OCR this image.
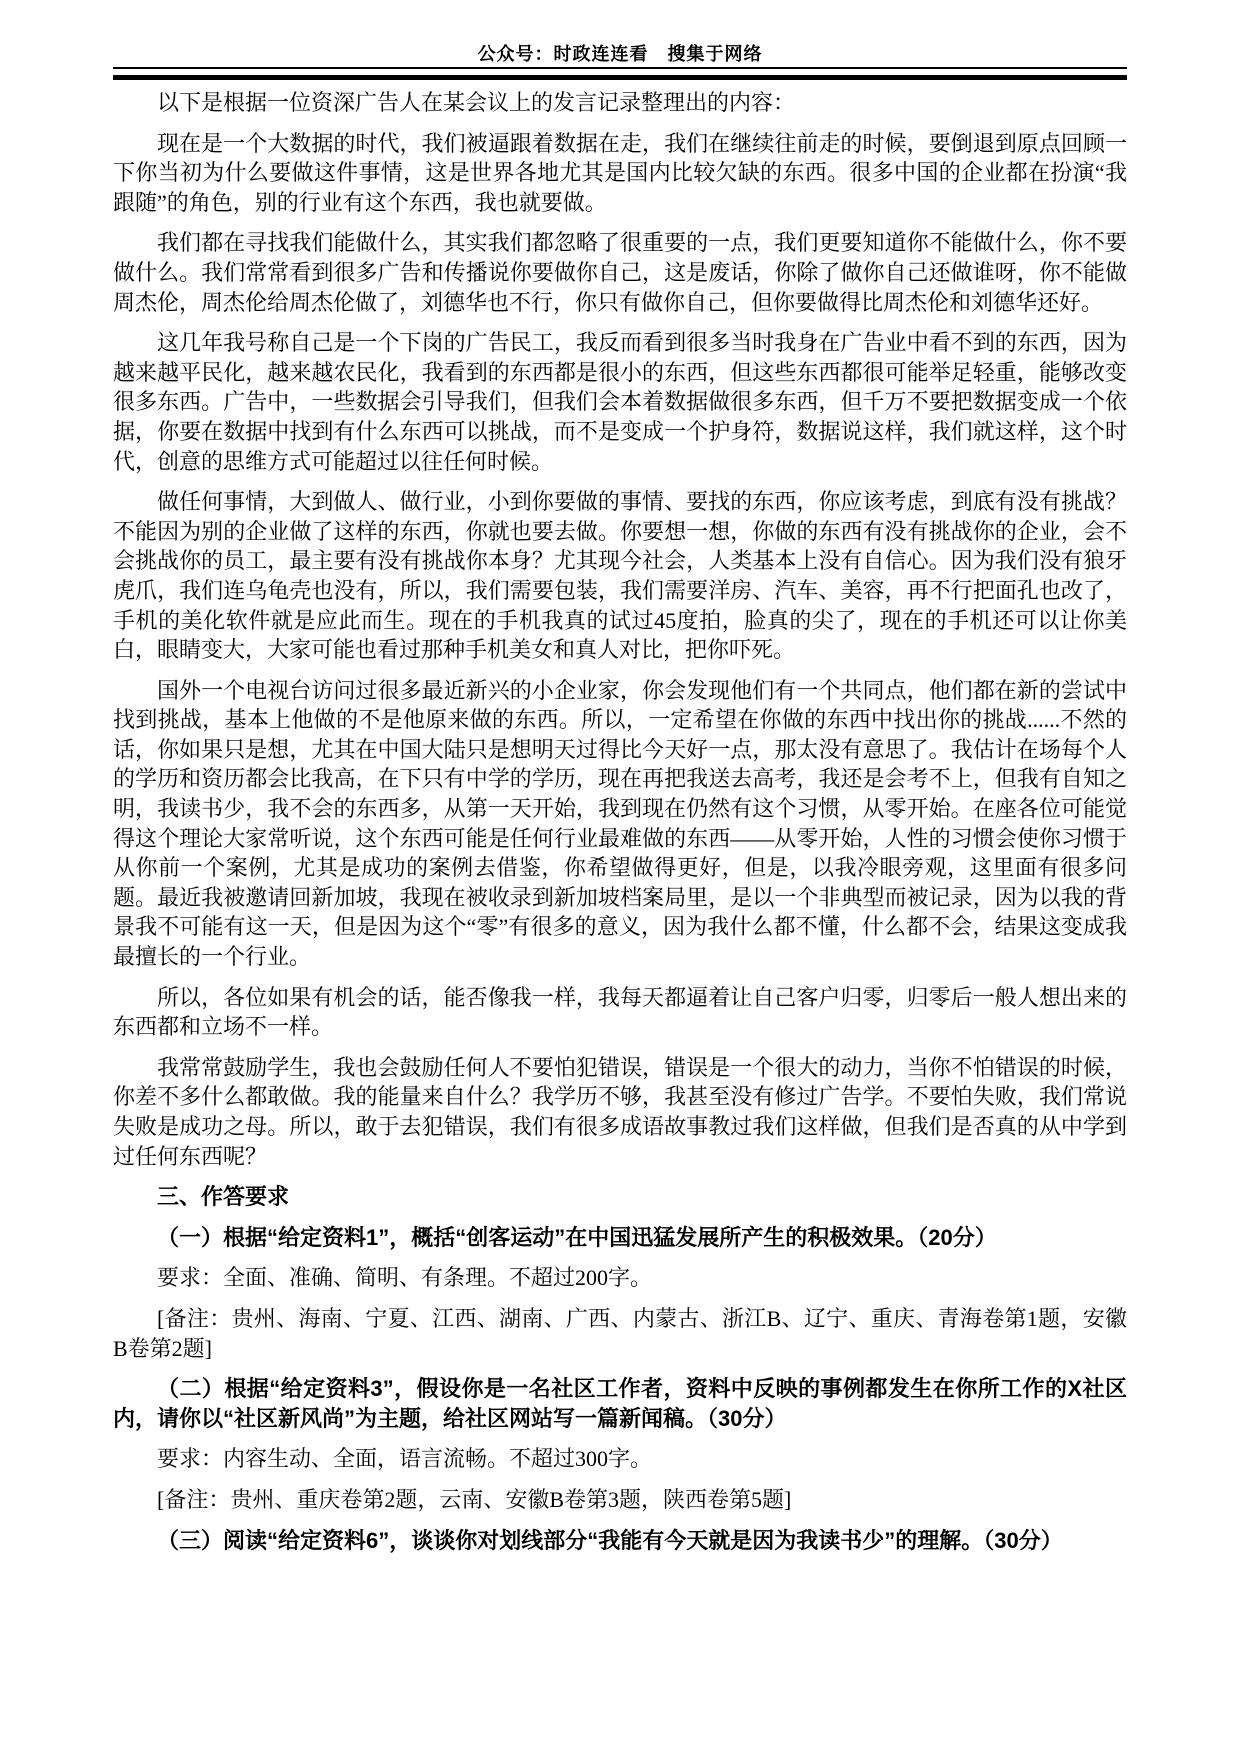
公众号：时政连连看　搜集于网络

以下是根据一位资深广告人在某会议上的发言记录整理出的内容：

现在是一个大数据的时代，我们被逼跟着数据在走，我们在继续往前走的时候，要倒退到原点回顾一下你当初为什么要做这件事情，这是世界各地尤其是国内比较欠缺的东西。很多中国的企业都在扮演“我跟随”的角色，别的行业有这个东西，我也就要做。

我们都在寻找我们能做什么，其实我们都忽略了很重要的一点，我们更要知道你不能做什么，你不要做什么。我们常常看到很多广告和传播说你要做你自己，这是废话，你除了做你自己还做谁呀，你不能做周杰伦，周杰伦给周杰伦做了，刘德华也不行，你只有做你自己，但你要做得比周杰伦和刘德华还好。

这几年我号称自己是一个下岗的广告民工，我反而看到很多当时我身在广告业中看不到的东西，因为越来越平民化，越来越农民化，我看到的东西都是很小的东西，但这些东西都很可能举足轻重，能够改变很多东西。广告中，一些数据会引导我们，但我们会本着数据做很多东西，但千万不要把数据变成一个依据，你要在数据中找到有什么东西可以挑战，而不是变成一个护身符，数据说这样，我们就这样，这个时代，创意的思维方式可能超过以往任何时候。

做任何事情，大到做人、做行业，小到你要做的事情、要找的东西，你应该考虑，到底有没有挑战？不能因为别的企业做了这样的东西，你就也要去做。你要想一想，你做的东西有没有挑战你的企业，会不会挑战你的员工，最主要有没有挑战你本身？尤其现今社会，人类基本上没有自信心。因为我们没有狼牙虎爪，我们连乌龟壳也没有，所以，我们需要包装，我们需要洋房、汽车、美容，再不行把面孔也改了，手机的美化软件就是应此而生。现在的手机我真的试过45度拍，脸真的尖了，现在的手机还可以让你美白，眼睛变大，大家可能也看过那种手机美女和真人对比，把你吓死。

国外一个电视台访问过很多最近新兴的小企业家，你会发现他们有一个共同点，他们都在新的尝试中找到挑战，基本上他做的不是他原来做的东西。所以，一定希望在你做的东西中找出你的挑战......不然的话，你如果只是想，尤其在中国大陆只是想明天过得比今天好一点，那太没有意思了。我估计在场每个人的学历和资历都会比我高，在下只有中学的学历，现在再把我送去高考，我还是会考不上，但我有自知之明，我读书少，我不会的东西多，从第一天开始，我到现在仍然有这个习惯，从零开始。在座各位可能觉得这个理论大家常听说，这个东西可能是任何行业最难做的东西——从零开始，人性的习惯会使你习惯于从你前一个案例，尤其是成功的案例去借鉴，你希望做得更好，但是，以我冷眼旁观，这里面有很多问题。最近我被邀请回新加坡，我现在被收录到新加坡档案局里，是以一个非典型而被记录，因为以我的背景我不可能有这一天，但是因为这个“零”有很多的意义，因为我什么都不懂，什么都不会，结果这变成我最擅长的一个行业。

所以，各位如果有机会的话，能否像我一样，我每天都逼着让自己客户归零，归零后一般人想出来的东西都和立场不一样。

我常常鼓励学生，我也会鼓励任何人不要怕犯错误，错误是一个很大的动力，当你不怕错误的时候，你差不多什么都敢做。我的能量来自什么？我学历不够，我甚至没有修过广告学。不要怕失败，我们常说失败是成功之母。所以，敢于去犯错误，我们有很多成语故事教过我们这样做，但我们是否真的从中学到过任何东西呢？

三、作答要求

（一）根据“给定资料1”，概括“创客运动”在中国迅猛发展所产生的积极效果。（20分）

要求：全面、准确、简明、有条理。不超过200字。

[备注：贵州、海南、宁夏、江西、湖南、广西、内蒙古、浙江B、辽宁、重庆、青海卷第1题，安徽B卷第2题]

（二）根据“给定资料3”，假设你是一名社区工作者，资料中反映的事例都发生在你所工作的X社区内，请你以“社区新风尚”为主题，给社区网站写一篇新闻稿。（30分）

要求：内容生动、全面，语言流畅。不超过300字。

[备注：贵州、重庆卷第2题，云南、安徽B卷第3题，陕西卷第5题]

（三）阅读“给定资料6”，谈谈你对划线部分“我能有今天就是因为我读书少”的理解。（30分）
